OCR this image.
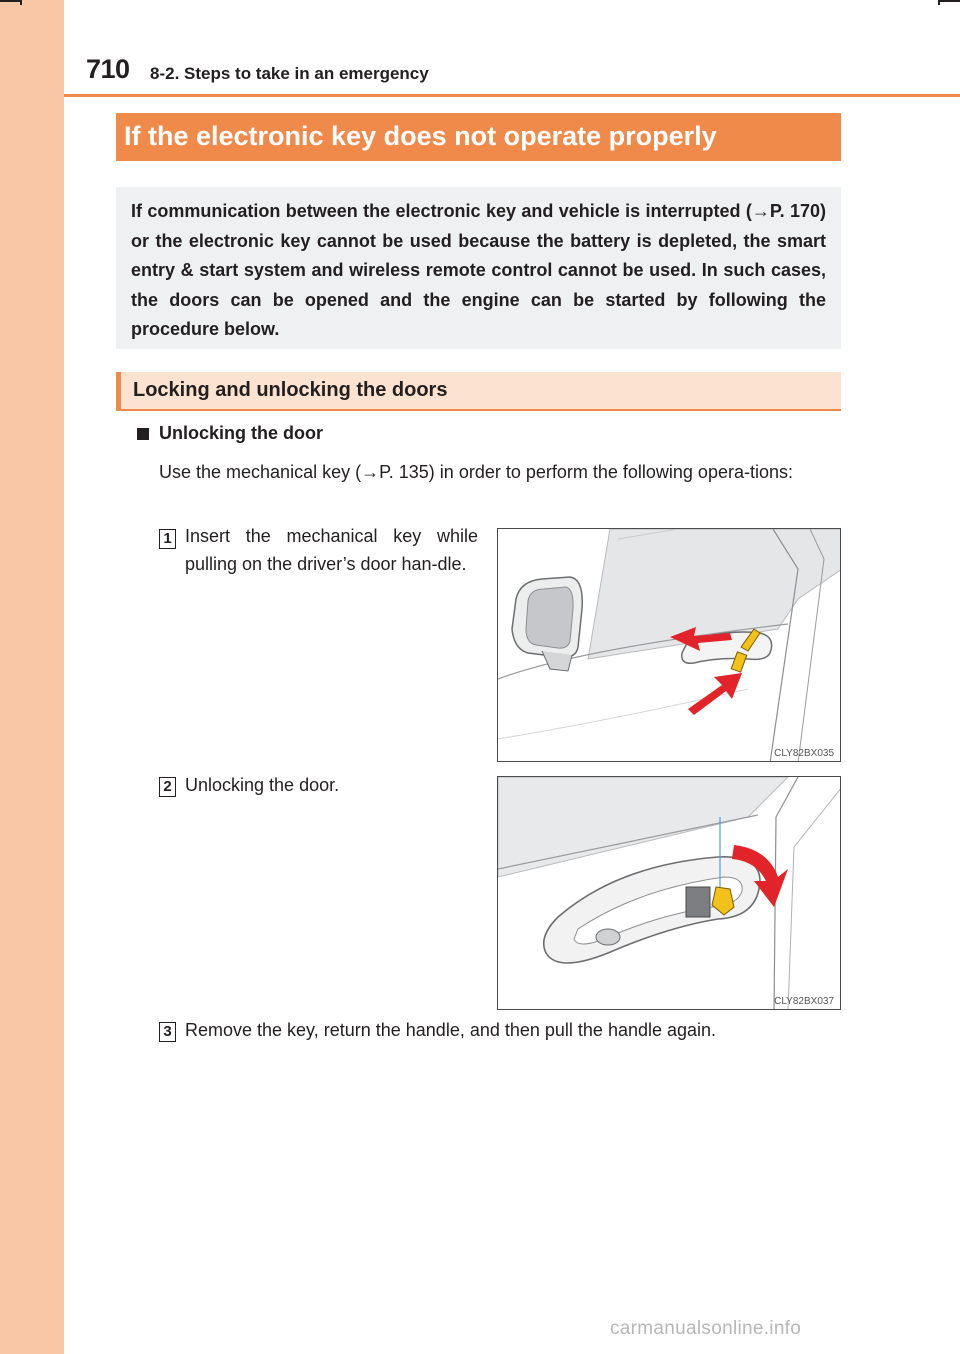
710 8-2. Steps to take in an emergency
If the electronic key does not operate properly

If communication between the electronic key and vehicle is interrupted (→P. 170) or the electronic key cannot be used because the battery is depleted, the smart entry & start system and wireless remote control cannot be used. In such cases, the doors can be opened and the engine can be started by following the procedure below.

Locking and unlocking the doors
Unlocking the door
Use the mechanical key (→P. 135) in order to perform the following opera-tions:
1 Insert the mechanical key while pulling on the driver’s door han-dle.
CLY82BX035
2 Unlocking the door.
CLY82BX037
3 Remove the key, return the handle, and then pull the handle again.
carmanualsonline.info
